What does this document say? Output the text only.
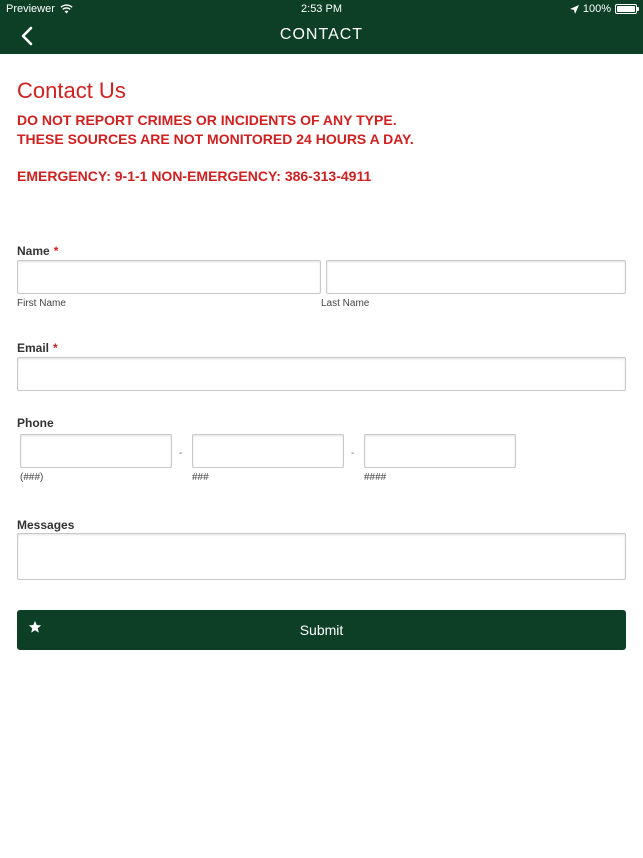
Previewer	2:53 PM	100%
CONTACT
Contact Us
DO NOT REPORT CRIMES OR INCIDENTS OF ANY TYPE.
THESE SOURCES ARE NOT MONITORED 24 HOURS A DAY.
EMERGENCY: 9-1-1 NON-EMERGENCY: 386-313-4911
Name *
First Name	Last Name
Email *
Phone
-	-
(###)	###	####
Messages
Submit
